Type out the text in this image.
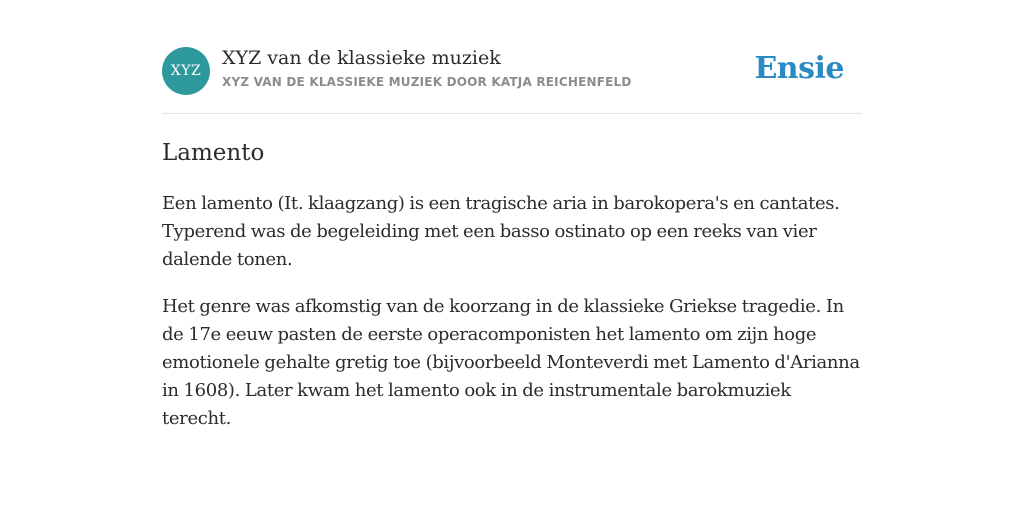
XYZ
XYZ van de klassieke muziek
XYZ VAN DE KLASSIEKE MUZIEK DOOR KATJA REICHENFELD	Ensie
Lamento

Een lamento (It. klaagzang) is een tragische aria in barokopera's en cantates. Typerend was de begeleiding met een basso ostinato op een reeks van vier dalende tonen.

Het genre was afkomstig van de koorzang in de klassieke Griekse tragedie. In de 17e eeuw pasten de eerste operacomponisten het lamento om zijn hoge emotionele gehalte gretig toe (bijvoorbeeld Monteverdi met Lamento d'Arianna in 1608). Later kwam het lamento ook in de instrumentale barokmuziek terecht.
